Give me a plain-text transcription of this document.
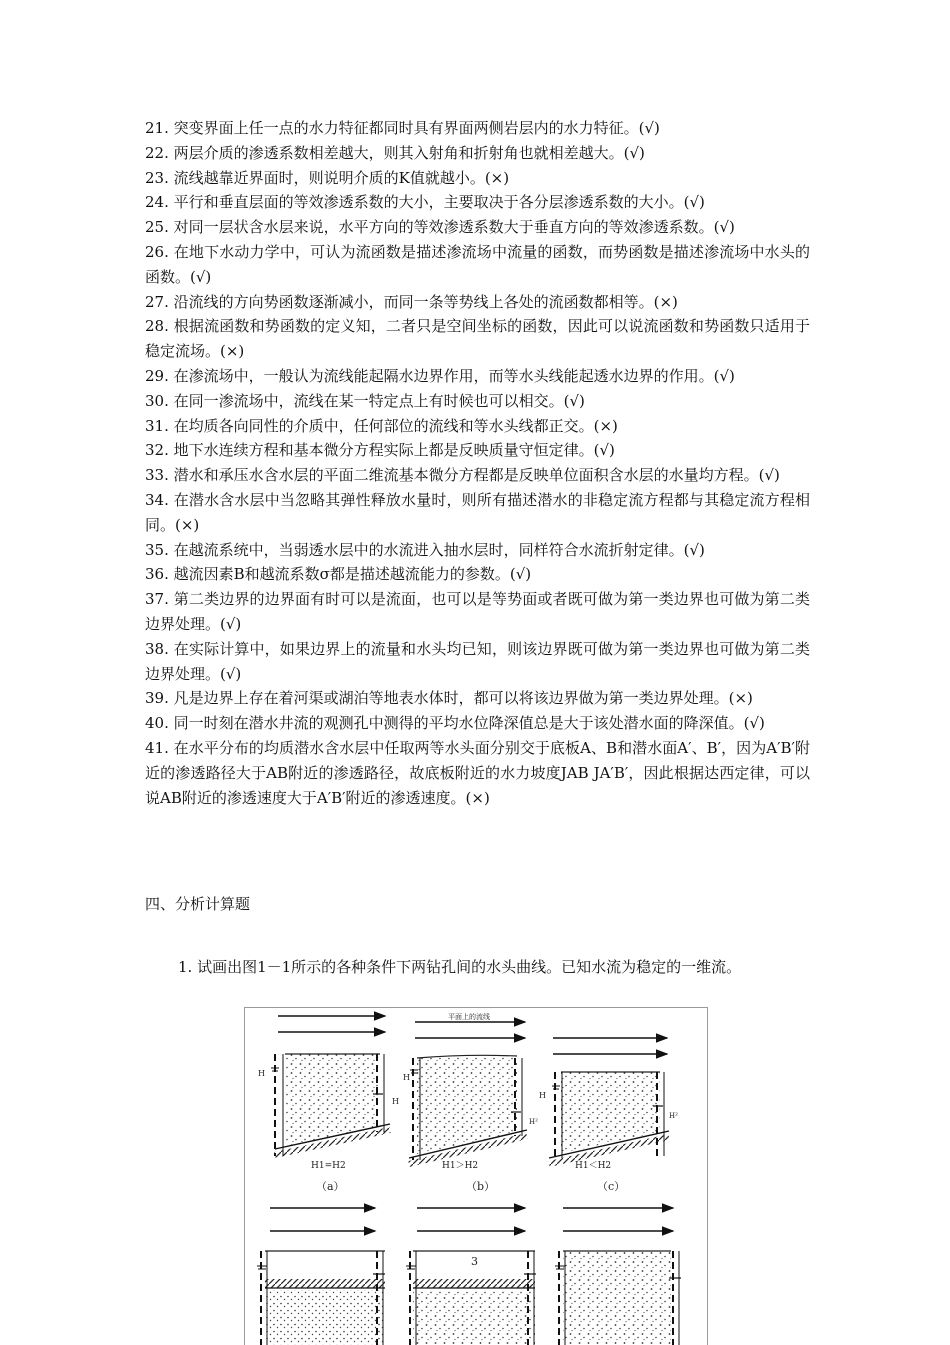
21. 突变界面上任一点的水力特征都同时具有界面两侧岩层内的水力特征。(√)

22. 两层介质的渗透系数相差越大，则其入射角和折射角也就相差越大。(√)

23. 流线越靠近界面时，则说明介质的K值就越小。(×)

24. 平行和垂直层面的等效渗透系数的大小，主要取决于各分层渗透系数的大小。(√)

25. 对同一层状含水层来说，水平方向的等效渗透系数大于垂直方向的等效渗透系数。(√)

26. 在地下水动力学中，可认为流函数是描述渗流场中流量的函数，而势函数是描述渗流场中水头的函数。(√)

27. 沿流线的方向势函数逐渐减小，而同一条等势线上各处的流函数都相等。(×)

28. 根据流函数和势函数的定义知，二者只是空间坐标的函数，因此可以说流函数和势函数只适用于稳定流场。(×)

29. 在渗流场中，一般认为流线能起隔水边界作用，而等水头线能起透水边界的作用。(√)

30. 在同一渗流场中，流线在某一特定点上有时候也可以相交。(√)

31. 在均质各向同性的介质中，任何部位的流线和等水头线都正交。(×)

32. 地下水连续方程和基本微分方程实际上都是反映质量守恒定律。(√)

33. 潜水和承压水含水层的平面二维流基本微分方程都是反映单位面积含水层的水量均方程。(√)

34. 在潜水含水层中当忽略其弹性释放水量时，则所有描述潜水的非稳定流方程都与其稳定流方程相同。(×)

35. 在越流系统中，当弱透水层中的水流进入抽水层时，同样符合水流折射定律。(√)

36. 越流因素B和越流系数σ都是描述越流能力的参数。(√)

37. 第二类边界的边界面有时可以是流面，也可以是等势面或者既可做为第一类边界也可做为第二类边界处理。(√)

38. 在实际计算中，如果边界上的流量和水头均已知，则该边界既可做为第一类边界也可做为第二类边界处理。(√)

39. 凡是边界上存在着河渠或湖泊等地表水体时，都可以将该边界做为第一类边界处理。(×)

40. 同一时刻在潜水井流的观测孔中测得的平均水位降深值总是大于该处潜水面的降深值。(√)

41. 在水平分布的均质潜水含水层中任取两等水头面分别交于底板A、B和潜水面A′、B′，因为A′B′附近的渗透路径大于AB附近的渗透路径，故底板附近的水力坡度JAB JA′B′，因此根据达西定律，可以说AB附近的渗透速度大于A′B′附近的渗透速度。(×)

四、分析计算题
1. 试画出图1－1所示的各种条件下两钻孔间的水头曲线。已知水流为稳定的一维流。
H
H
H1=H2
（a）
平面上的流线
H
H²
H1＞H2
（b）
H
H²
H1＜H2
（c）
3
